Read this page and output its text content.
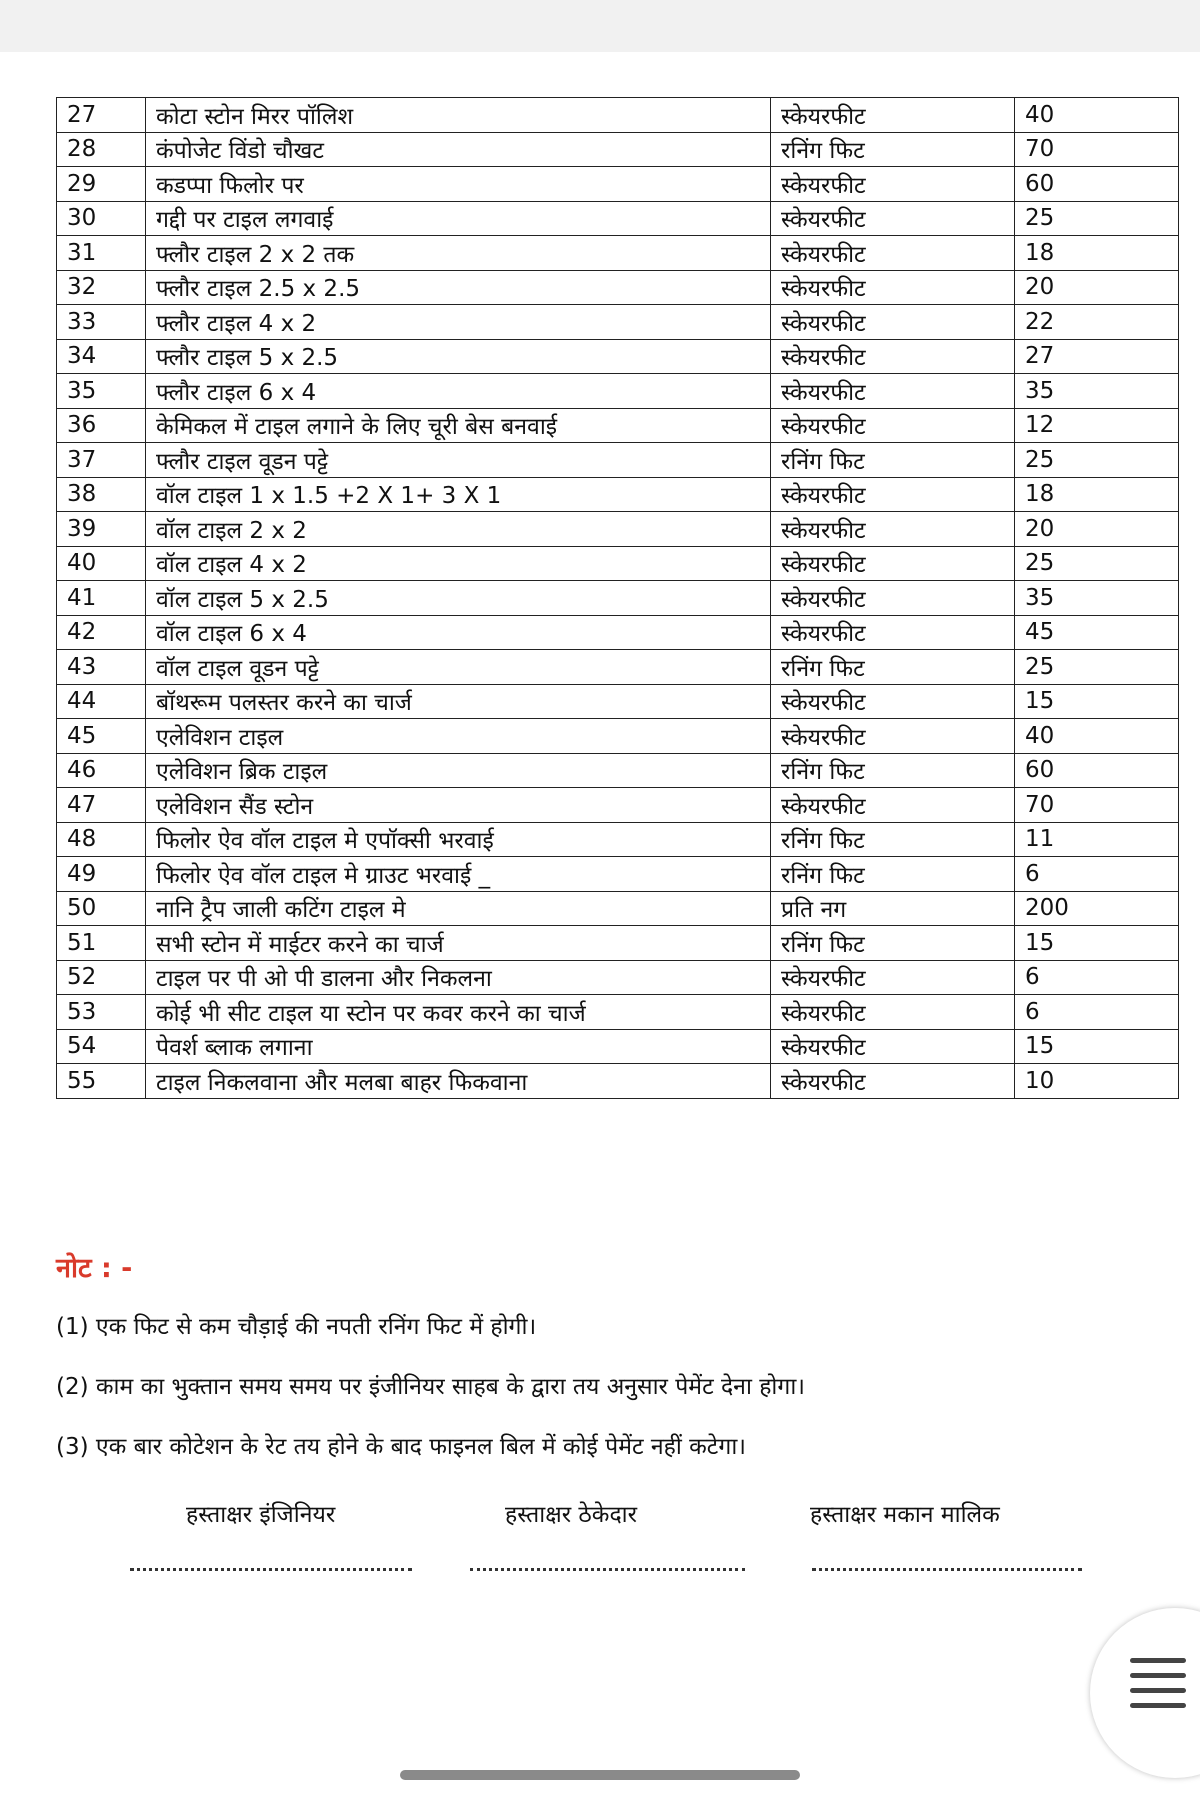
27	कोटा स्टोन मिरर पॉलिश	स्केयरफीट	40
28	कंपोजेट विंडो चौखट	रनिंग फिट	70
29	कडप्पा फिलोर पर	स्केयरफीट	60
30	गद्दी पर टाइल लगवाई	स्केयरफीट	25
31	फ्लौर टाइल 2 x 2 तक	स्केयरफीट	18
32	फ्लौर टाइल 2.5 x 2.5	स्केयरफीट	20
33	फ्लौर टाइल 4 x 2	स्केयरफीट	22
34	फ्लौर टाइल 5 x 2.5	स्केयरफीट	27
35	फ्लौर टाइल 6 x 4	स्केयरफीट	35
36	केमिकल में टाइल लगाने के लिए चूरी बेस बनवाई	स्केयरफीट	12
37	फ्लौर टाइल वूडन पट्टे	रनिंग फिट	25
38	वॉल टाइल 1 x 1.5 +2 X 1+ 3 X 1	स्केयरफीट	18
39	वॉल टाइल 2 x 2	स्केयरफीट	20
40	वॉल टाइल 4 x 2	स्केयरफीट	25
41	वॉल टाइल 5 x 2.5	स्केयरफीट	35
42	वॉल टाइल 6 x 4	स्केयरफीट	45
43	वॉल टाइल वूडन पट्टे	रनिंग फिट	25
44	बॉथरूम पलस्तर करने का चार्ज	स्केयरफीट	15
45	एलेविशन टाइल	स्केयरफीट	40
46	एलेविशन ब्रिक टाइल	रनिंग फिट	60
47	एलेविशन सैंड स्टोन	स्केयरफीट	70
48	फिलोर ऐव वॉल टाइल मे एपॉक्सी भरवाई	रनिंग फिट	11
49	फिलोर ऐव वॉल टाइल मे ग्राउट भरवाई _	रनिंग फिट	6
50	नानि ट्रैप जाली कटिंग टाइल मे	प्रति नग	200
51	सभी स्टोन में माईटर करने का चार्ज	रनिंग फिट	15
52	टाइल पर पी ओ पी डालना और निकलना	स्केयरफीट	6
53	कोई भी सीट टाइल या स्टोन पर कवर करने का चार्ज	स्केयरफीट	6
54	पेवर्श ब्लाक लगाना	स्केयरफीट	15
55	टाइल निकलवाना और मलबा बाहर फिकवाना	स्केयरफीट	10
नोट : -

(1) एक फिट से कम चौड़ाई की नपती रनिंग फिट में होगी।

(2) काम का भुक्तान समय समय पर इंजीनियर साहब के द्वारा तय अनुसार पेमेंट देना होगा।

(3) एक बार कोटेशन के रेट तय होने के बाद फाइनल बिल में कोई पेमेंट नहीं कटेगा।

हस्ताक्षर इंजिनियर	हस्ताक्षर ठेकेदार	हस्ताक्षर मकान मालिक
